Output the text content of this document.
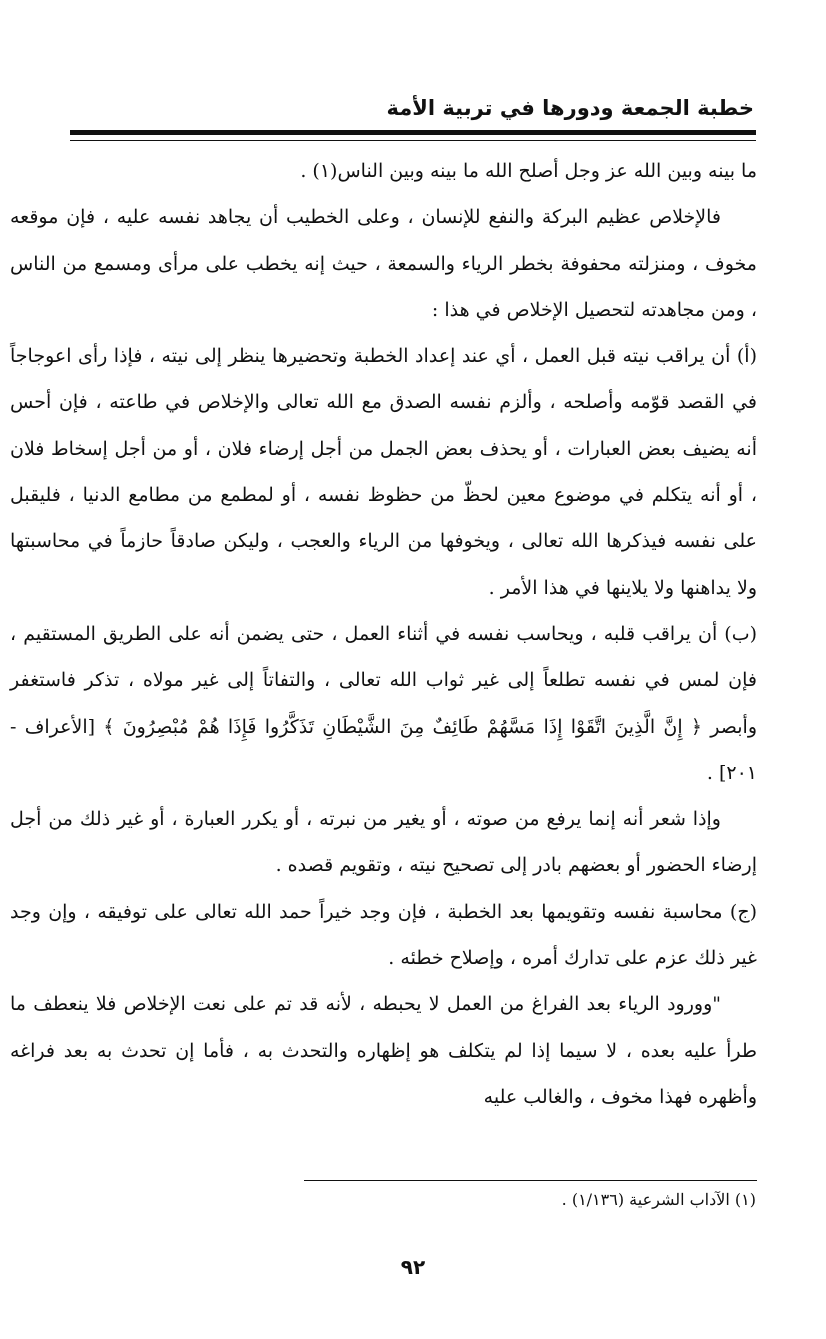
خطبة الجمعة ودورها في تربية الأمة

ما بينه وبين الله عز وجل أصلح الله ما بينه وبين الناس(١) .

فالإخلاص عظيم البركة والنفع للإنسان ، وعلى الخطيب أن يجاهد نفسه عليه ، فإن موقعه مخوف ، ومنزلته محفوفة بخطر الرياء والسمعة ، حيث إنه يخطب على مرأى ومسمع من الناس ، ومن مجاهدته لتحصيل الإخلاص في هذا :

(أ) أن يراقب نيته قبل العمل ، أي عند إعداد الخطبة وتحضيرها ينظر إلى نيته ، فإذا رأى اعوجاجاً في القصد قوّمه وأصلحه ، وألزم نفسه الصدق مع الله تعالى والإخلاص في طاعته ، فإن أحس أنه يضيف بعض العبارات ، أو يحذف بعض الجمل من أجل إرضاء فلان ، أو من أجل إسخاط فلان ، أو أنه يتكلم في موضوع معين لحظّ من حظوظ نفسه ، أو لمطمع من مطامع الدنيا ، فليقبل على نفسه فيذكرها الله تعالى ، ويخوفها من الرياء والعجب ، وليكن صادقاً حازماً في محاسبتها ولا يداهنها ولا يلاينها في هذا الأمر .

(ب) أن يراقب قلبه ، ويحاسب نفسه في أثناء العمل ، حتى يضمن أنه على الطريق المستقيم ، فإن لمس في نفسه تطلعاً إلى غير ثواب الله تعالى ، والتفاتاً إلى غير مولاه ، تذكر فاستغفر وأبصر ﴿ إِنَّ الَّذِينَ اتَّقَوْا إِذَا مَسَّهُمْ طَائِفٌ مِنَ الشَّيْطَانِ تَذَكَّرُوا فَإِذَا هُمْ مُبْصِرُونَ ﴾ [الأعراف - ٢٠١] .

وإذا شعر أنه إنما يرفع من صوته ، أو يغير من نبرته ، أو يكرر العبارة ، أو غير ذلك من أجل إرضاء الحضور أو بعضهم بادر إلى تصحيح نيته ، وتقويم قصده .

(ج) محاسبة نفسه وتقويمها بعد الخطبة ، فإن وجد خيراً حمد الله تعالى على توفيقه ، وإن وجد غير ذلك عزم على تدارك أمره ، وإصلاح خطئه .

"وورود الرياء بعد الفراغ من العمل لا يحبطه ، لأنه قد تم على نعت الإخلاص فلا ينعطف ما طرأ عليه بعده ، لا سيما إذا لم يتكلف هو إظهاره والتحدث به ، فأما إن تحدث به بعد فراغه وأظهره فهذا مخوف ، والغالب عليه

(١) الآداب الشرعية (١/١٣٦) .
٩٢
